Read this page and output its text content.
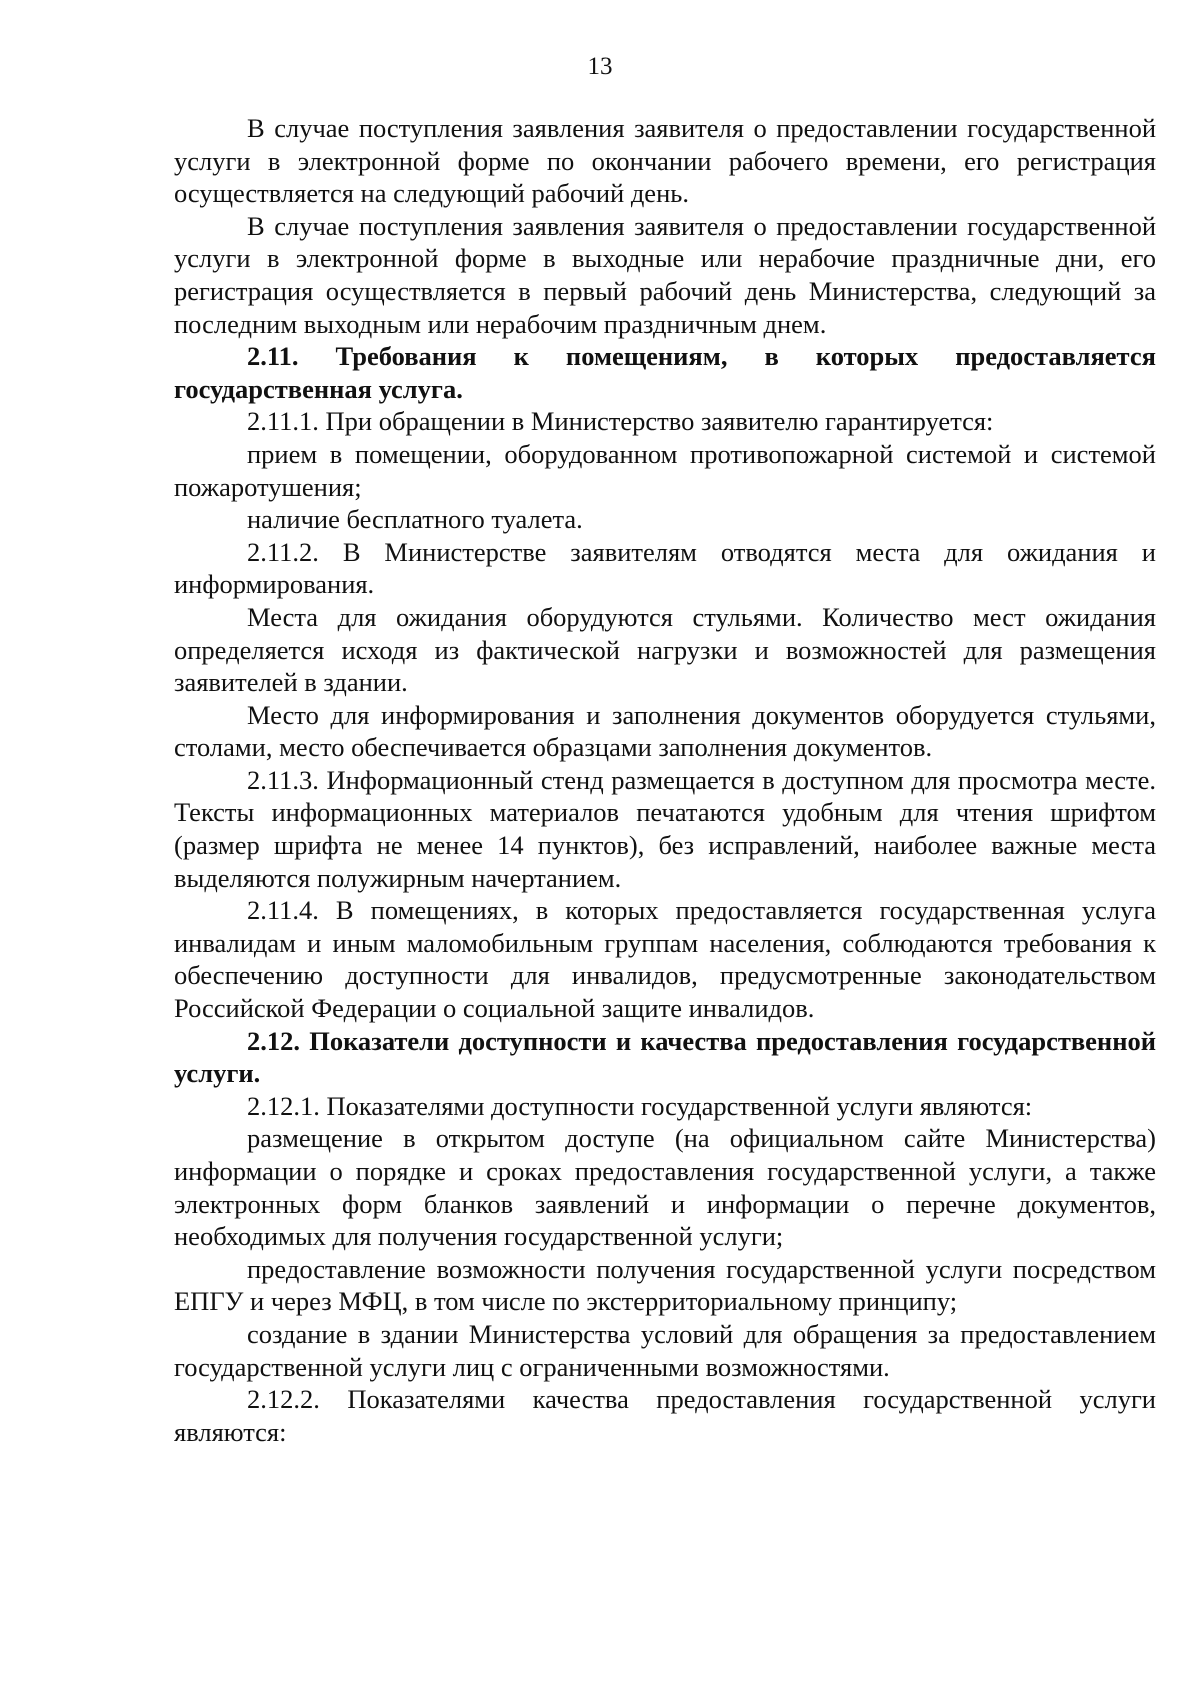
13

В случае поступления заявления заявителя о предоставлении государственной услуги в электронной форме по окончании рабочего времени, его регистрация осуществляется на следующий рабочий день.

В случае поступления заявления заявителя о предоставлении государственной услуги в электронной форме в выходные или нерабочие праздничные дни, его регистрация осуществляется в первый рабочий день Министерства, следующий за последним выходным или нерабочим праздничным днем.

2.11. Требования к помещениям, в которых предоставляется государственная услуга.

2.11.1. При обращении в Министерство заявителю гарантируется:

прием в помещении, оборудованном противопожарной системой и системой пожаротушения;

наличие бесплатного туалета.

2.11.2. В Министерстве заявителям отводятся места для ожидания и информирования.

Места для ожидания оборудуются стульями. Количество мест ожидания определяется исходя из фактической нагрузки и возможностей для размещения заявителей в здании.

Место для информирования и заполнения документов оборудуется стульями, столами, место обеспечивается образцами заполнения документов.

2.11.3. Информационный стенд размещается в доступном для просмотра месте. Тексты информационных материалов печатаются удобным для чтения шрифтом (размер шрифта не менее 14 пунктов), без исправлений, наиболее важные места выделяются полужирным начертанием.

2.11.4. В помещениях, в которых предоставляется государственная услуга инвалидам и иным маломобильным группам населения, соблюдаются требования к обеспечению доступности для инвалидов, предусмотренные законодательством Российской Федерации о социальной защите инвалидов.

2.12. Показатели доступности и качества предоставления государственной услуги.

2.12.1. Показателями доступности государственной услуги являются:

размещение в открытом доступе (на официальном сайте Министерства) информации о порядке и сроках предоставления государственной услуги, а также электронных форм бланков заявлений и информации о перечне документов, необходимых для получения государственной услуги;

предоставление возможности получения государственной услуги посредством ЕПГУ и через МФЦ, в том числе по экстерриториальному принципу;

создание в здании Министерства условий для обращения за предоставлением государственной услуги лиц с ограниченными возможностями.

2.12.2. Показателями качества предоставления государственной услуги являются:
